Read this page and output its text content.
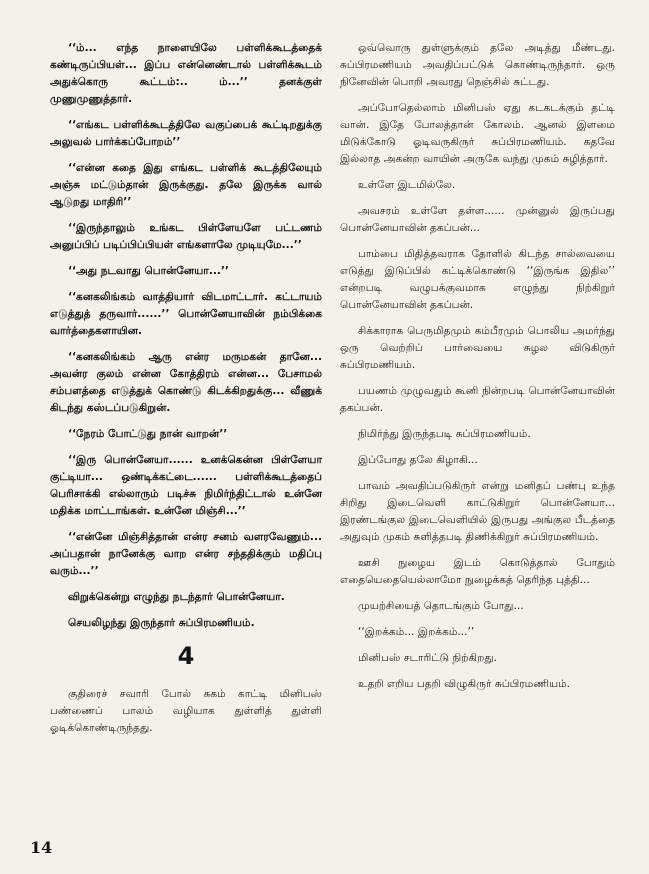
‘‘ம்... எந்த நாளையிலே பள்ளிக்கூடத்தைக் கண்டிருப்பியள்... இப்ப என்னெண்டால் பள்ளிக்கூடம் அதுக்கொரு கூட்டம்:.. ம்...’’ தனக்குள் முணுமுணுத்தார்.

‘‘எங்கட பள்ளிக்கூடத்திலே வகுப்பைக் கூட்டிறதுக்கு அலுவல் பார்க்கப்போறம்’’

‘‘என்ன கதை இது எங்கட பள்ளிக் கூடத்திலேயும் அஞ்சு மட்டும்தான் இருக்குது. தலே இருக்க வால் ஆடுறது மாதிரி’’

‘‘இருந்தாலும் உங்கட பிள்ளேயளே பட்டணம் அனுப்பிப் படிப்பிப்பியள் எங்களாலே முடியுமே...’’

‘‘அது நடவாது பொன்னேயா...’’

‘‘கனகலிங்கம் வாத்தியார் விடமாட்டார். கட்டாயம் எடுத்துத் தருவார்......’’ பொன்னேயாவின் நம்பிக்கை வார்த்தைகளாயின.

‘‘கனகலிங்கம் ஆரு என்ர மருமகன் தானே... அவன்ர குலம் என்ன கோத்திரம் என்ன... பேசாமல் சம்பளத்தை எடுத்துக் கொண்டு கிடக்கிறதுக்கு... வீணுக் கிடந்து கஸ்டப்படுகிறுன்.

‘‘நேரம் போட்டுது நான் வாறன்’’

‘‘இரு பொன்னேயா...... உனக்கென்ன பிள்ளேயா குட்டியா... ஒண்டிக்கட்டை...... பள்ளிக்கூடத்தைப் பெரிசாக்கி எல்லாரும் படிச்சு நிமிர்ந்திட்டால் உன்னே மதிக்க மாட்டாங்கள். உன்னே மிஞ்சி...’’

‘‘என்னே மிஞ்சித்தான் என்ர சனம் வளரவேணும்... அப்பதான் நானேக்கு வாற என்ர சந்ததிக்கும் மதிப்பு வரும்...’’

விறுக்கென்று எழுந்து நடந்தார் பொன்னேயா.

செயலிழந்து இருந்தார் சுப்பிரமணியம்.

4

குதிரைச் சவாரி போல் சுகம் காட்டி மினிபஸ் பண்ணைப் பாலம் வழியாக துள்ளித் துள்ளி ஓடிக்கொண்டிருந்தது.

ஒவ்வொரு துள்ளுக்கும் தலே அடித்து மீண்டது. சுப்பிரமணியம் அவதிப்பட்டுக் கொண்டிருந்தார். ஒரு நினேவின் பொறி அவரது நெஞ்சில் சுட்டது.

அப்போதெல்லாம் மினிபஸ் ஏது கடகடக்கும் தட்டி வான். இதே போலத்தான் கோலம். ஆனல் இளமை மிடுக்கோடு ஓடிவருகிருர் சுப்பிரமணியம். கதவே இல்லாத அகன்ற வாயின் அருகே வந்து முகம் சுழித்தார்.

உள்ளே இடமில்லே.

அவசரம் உள்ளே தள்ள...... முன்னுல் இருப்பது பொன்னேயாவின் தகப்பன்...

பாம்பை மிதித்தவராக தோளில் கிடந்த சால்வையை எடுத்து இடுப்பில் கட்டிக்கொண்டு ‘‘இருங்க இதில’’ என்றபடி வழுபக்குவமாக எழுந்து நிற்கிறுர் பொன்னேயாவின் தகப்பன்.

சிக்காராக பெருமிதமும் கம்பீரமும் பொலிய அமர்ந்து ஒரு வெற்றிப் பார்வையை சுழல விடுகிருர் சுப்பிரமணியம்.

பயணம் முழுவதும் கூனி நின்றபடி பொன்னேயாவின் தகப்பன்.

நிமிர்ந்து இருந்தபடி சுப்பிரமணியம்.

இப்போது தலே கிழாகி...

பாவம் அவதிப்படுகிருர் என்று மனிதப் பண்பு உந்த சிறிது இடைவெளி காட்டுகிறுர் பொன்னேயா... இரண்டங்குல இடைவெளியில் இருபது அங்குல பீடத்தை அதுவும் முகம் சுளித்தபடி திணிக்கிறுர் சுப்பிரமணியம்.

ஊசி நுழைய இடம் கொடுத்தால் போதும் எதையெதையெல்லாமோ நுழைக்கத் தெரிந்த புத்தி...

முயற்சியைத் தொடங்கும் போது...

‘‘இறக்கம்... இறக்கம்...’’

மினிபஸ் சடாரிட்டு நிற்கிறது.

உதறி எறிய பதறி விழுகிருர் சுப்பிரமணியம்.

14
